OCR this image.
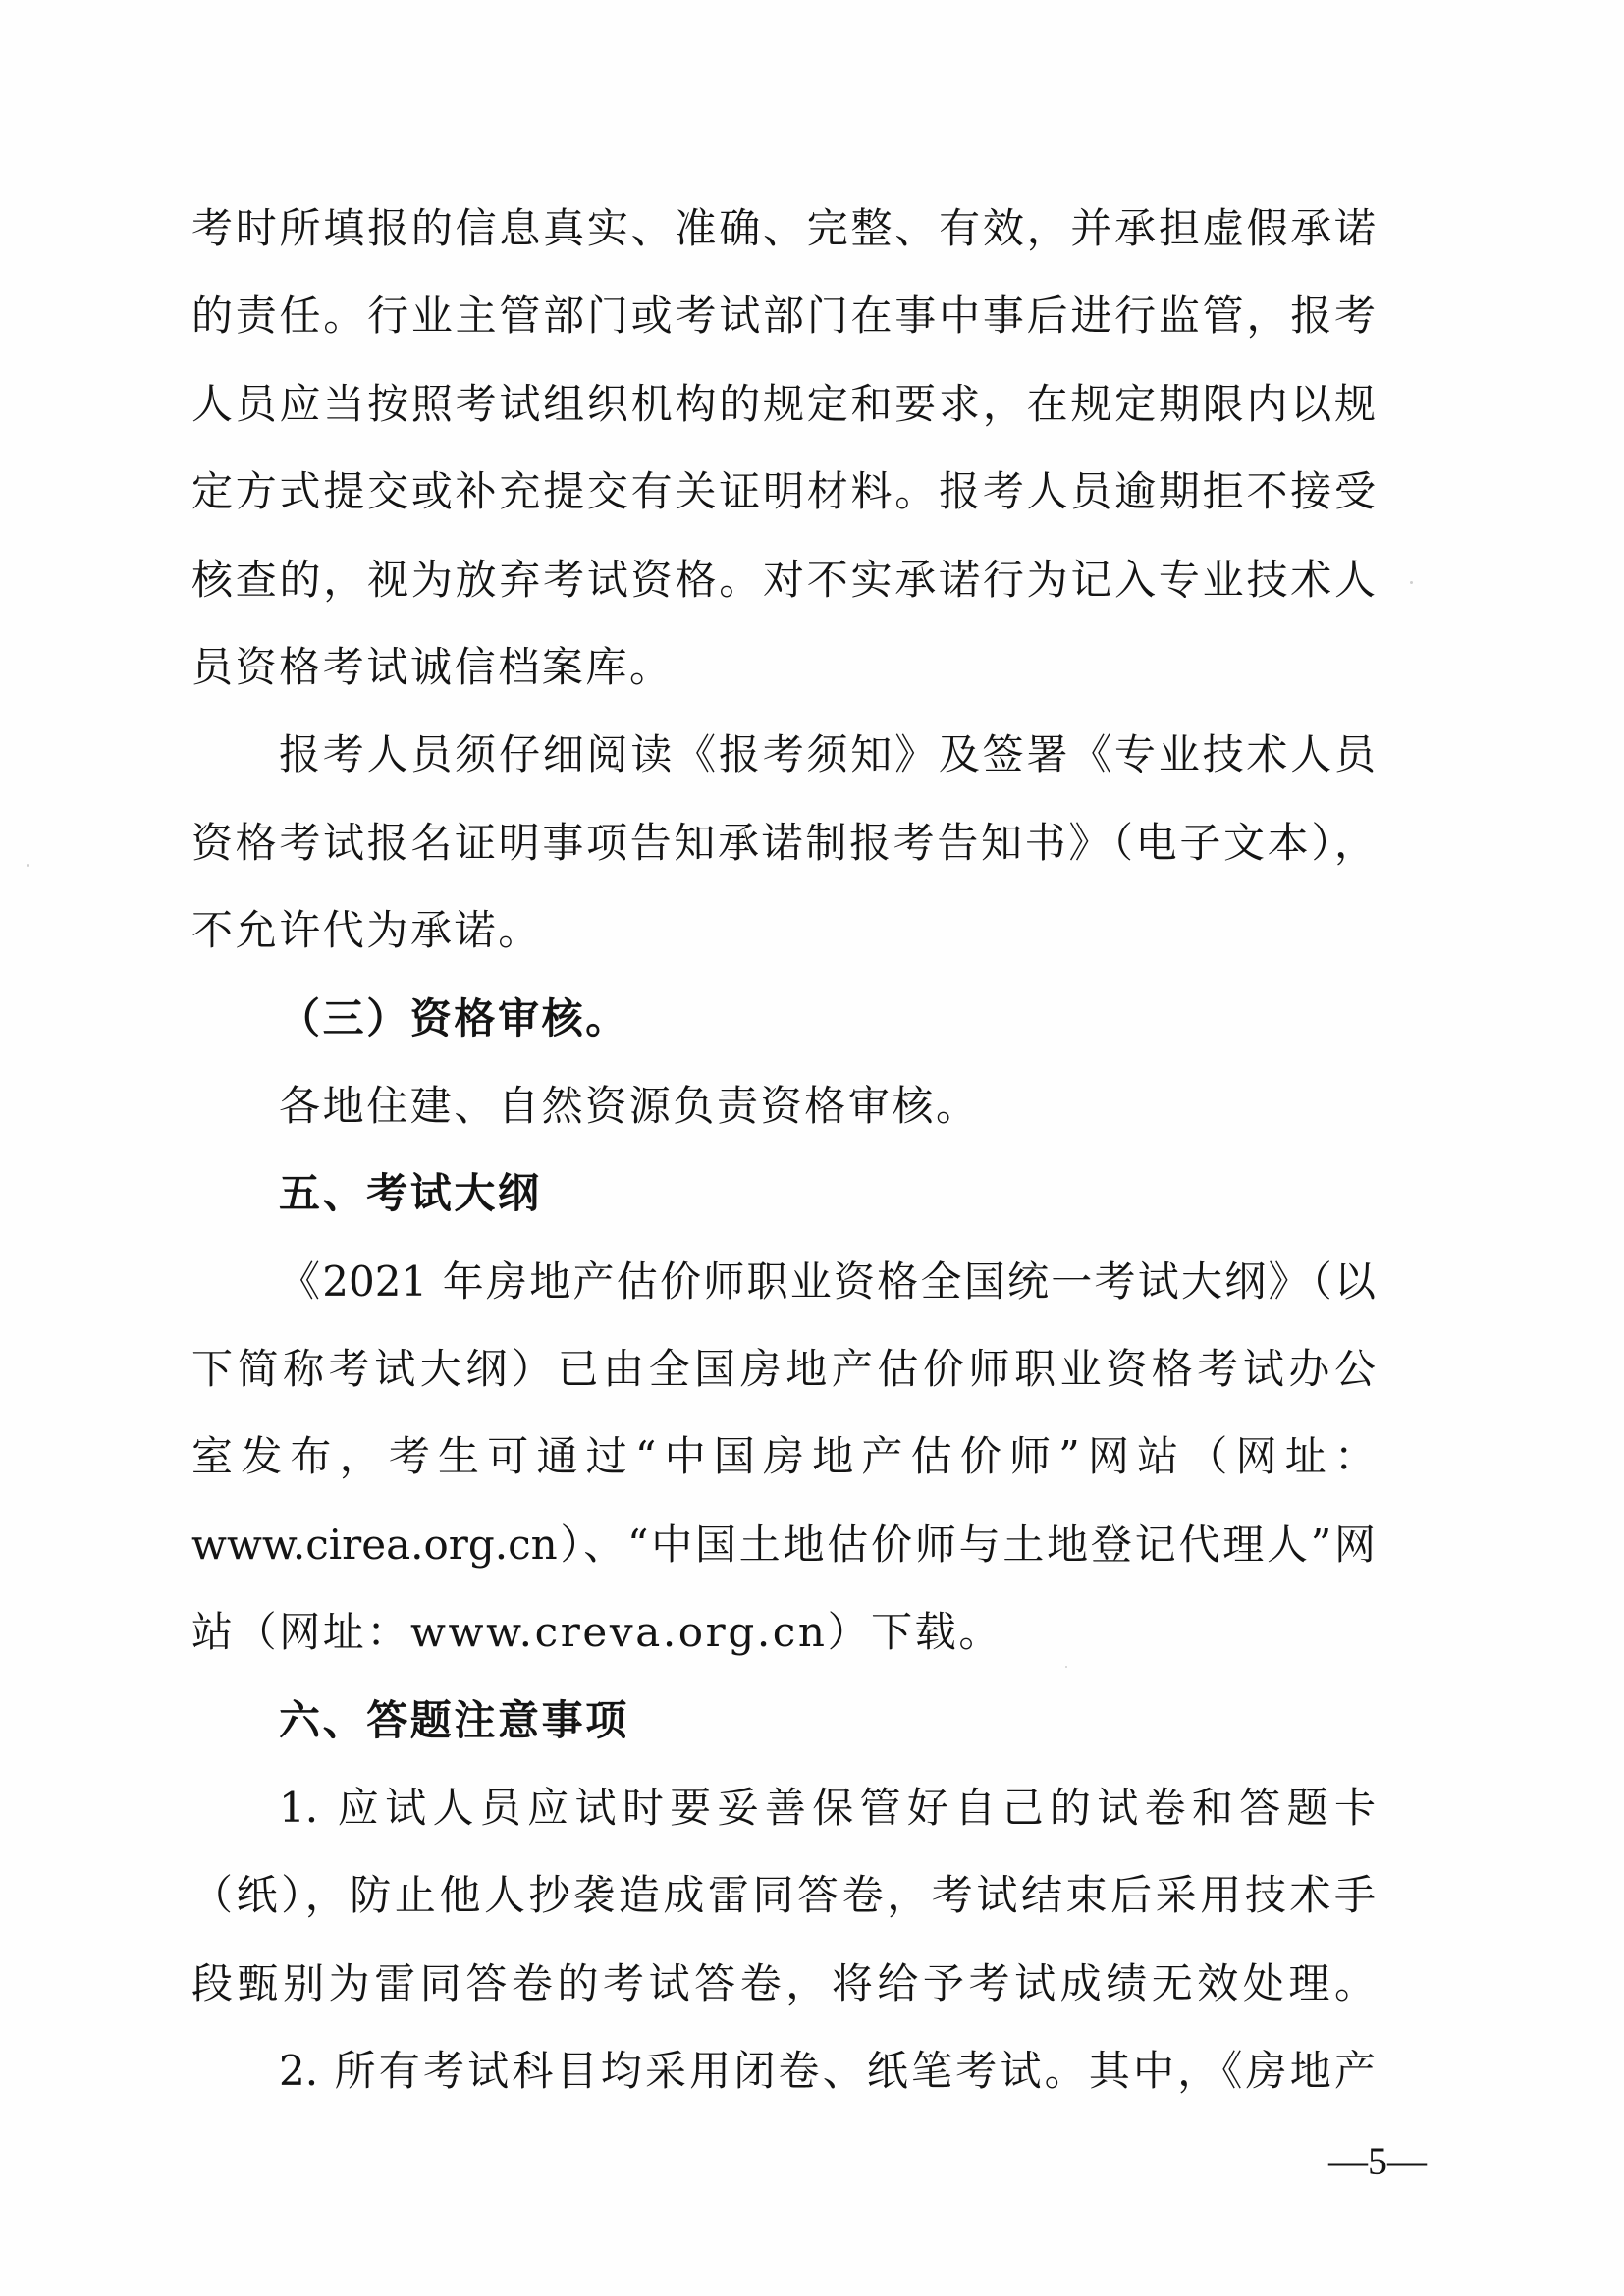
考时所填报的信息真实、准确、完整、有效，并承担虚假承诺
的责任。行业主管部门或考试部门在事中事后进行监管，报考
人员应当按照考试组织机构的规定和要求，在规定期限内以规
定方式提交或补充提交有关证明材料。报考人员逾期拒不接受
核查的，视为放弃考试资格。对不实承诺行为记入专业技术人
员资格考试诚信档案库。
报考人员须仔细阅读《报考须知》及签署《专业技术人员
资格考试报名证明事项告知承诺制报考告知书》（电子文本），
不允许代为承诺。
（三）资格审核。
各地住建、自然资源负责资格审核。
五、考试大纲
《2021 年房地产估价师职业资格全国统一考试大纲》（以
下简称考试大纲）已由全国房地产估价师职业资格考试办公
室发布，考生可通过“中国房地产估价师”网站（网址：
www.cirea.org.cn）、“中国土地估价师与土地登记代理人”网
站（网址：www.creva.org.cn）下载。
六、答题注意事项
1. 应试人员应试时要妥善保管好自己的试卷和答题卡
（纸），防止他人抄袭造成雷同答卷，考试结束后采用技术手
段甄别为雷同答卷的考试答卷，将给予考试成绩无效处理。
2. 所有考试科目均采用闭卷、纸笔考试。其中，《房地产
—5—
